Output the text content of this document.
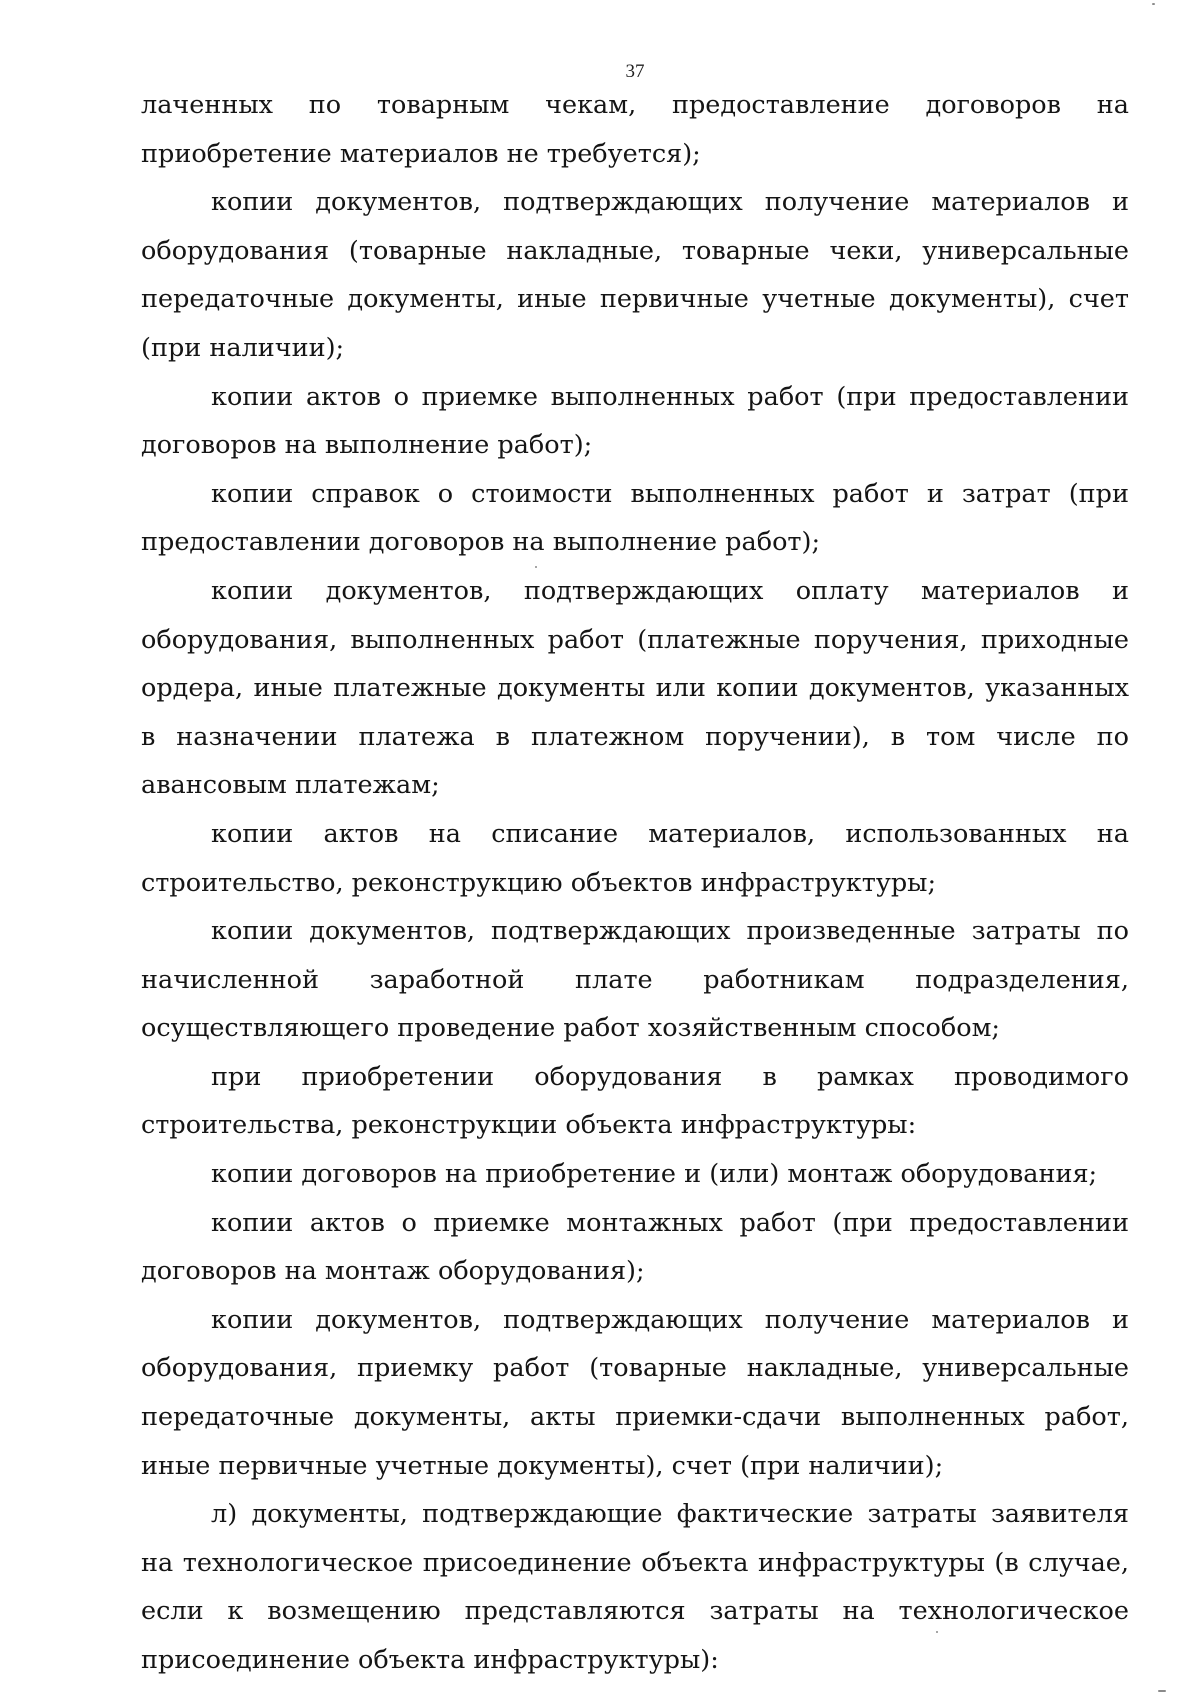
37

лаченных по товарным чекам, предоставление договоров на приобретение материалов не требуется);

копии документов, подтверждающих получение материалов и оборудования (товарные накладные, товарные чеки, универсальные передаточные документы, иные первичные учетные документы), счет (при наличии);

копии актов о приемке выполненных работ (при предоставлении договоров на выполнение работ);

копии справок о стоимости выполненных работ и затрат (при предоставлении договоров на выполнение работ);

копии документов, подтверждающих оплату материалов и оборудования, выполненных работ (платежные поручения, приходные ордера, иные платежные документы или копии документов, указанных в назначении платежа в платежном поручении), в том числе по авансовым платежам;

копии актов на списание материалов, использованных на строительство, реконструкцию объектов инфраструктуры;

копии документов, подтверждающих произведенные затраты по начисленной заработной плате работникам подразделения, осуществляющего проведение работ хозяйственным способом;

при приобретении оборудования в рамках проводимого строительства, реконструкции объекта инфраструктуры:

копии договоров на приобретение и (или) монтаж оборудования;

копии актов о приемке монтажных работ (при предоставлении договоров на монтаж оборудования);

копии документов, подтверждающих получение материалов и оборудования, приемку работ (товарные накладные, универсальные передаточные документы, акты приемки-сдачи выполненных работ, иные первичные учетные документы), счет (при наличии);

л) документы, подтверждающие фактические затраты заявителя на технологическое присоединение объекта инфраструктуры (в случае, если к возмещению представляются затраты на технологическое присоединение объекта инфраструктуры):
